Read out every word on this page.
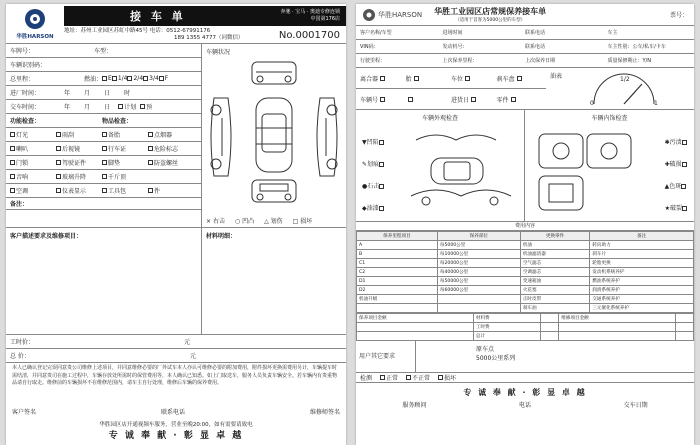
华胜HARSON
接 车 单	奔驰 · 宝马 · 奥迪专修连锁
中国第176店
地址：苏州工业园区苏虹中路45号 电话：0512-67991176
189 1355 4777（同微信）	No.0001700
车牌号：	车型：
车辆识别码：
总里程：	燃油： E 1/4 2/4 3/4 F
进厂时间：	年 月 日 时
交车时间：	年 月 日 计划 预
功能检查：	物品检查：
灯光	雨刮	备胎	点烟器
喇叭	后视镜	行车证	危险标志
门锁	驾驶证件	脚垫	防盗螺丝
音响	玻璃升降	千斤顶
空调	仪表显示	工具包	件
备注：
车辆状况
× 右击 ○ 凹凸 △ 划伤 □ 损坏
客户描述要求及维修项目：	材料明细：
工时价：	元
总 价：	元
本人已确认登记完误同意贵公司维修上述项目，并同意维修必要的厂外试车本人亦认可维修必要的附加费用，附件损坏更换需费用另计，车辆提车时需结清，并同意贵司在施工过程中，车辆存放处所需时的保管费用等，本人确认已知悉。如上门取送车，服务人员负责车辆安全。若车辆内有贵重物品请自行取走。维修前的车辆损坏不在维修范围内，请车主自行处理，维修后车辆的保养费用。
客户签名	联系电话	维修师签名
华胜园区店开通视频车服务，营业至晚20:00，如有需要请致电
专 诚 奉 献 · 彰 显 卓 越
华胜HARSON 华胜工业园区店常规保养接车单
（适用于首客为5000公里的车型）
票号：
客户名称/车型	进场时间	联系电话	车主
VIN码：	发动机号：	联系电话	车主性别：公车/私车/卡车
行驶里程：	上次保养里程：	上次保养日期	质量保修期止：Y/N
离合器	胎	车位	刹车盘
车辆号	进货日	零件
油表
0
1/2
1
车辆外观检查
▼凹陷
✎划痕
●石击
◆油漆
车辆内饰检查
✱污渍
✚破损
▲色斑
★破裂
费用内容
保养里程项目	保养部位	更换零件	备注
A	每5000公里	机油	转向助力
B	每10000公里	机油滤清器	刹车片
C1	每20000公里	空气滤芯	轮胎更换
C2	每40000公里	空调滤芯	发动机系统养护
D1	每50000公里	变速箱油	燃油系统养护
D2	每60000公里	火花塞	润滑系统养护
机油升级		正时皮带	交通系统养护
		刹车油	三元催化系统养护
保养项目金额	材料费		维修项目金额	
	工时费			
	总计			
用户其它要求
原车点
5000公里系列
检测 正常 不正常 损坏
专 诚 奉 献 · 彰 显 卓 越
服务顾问	电话	交车日期
